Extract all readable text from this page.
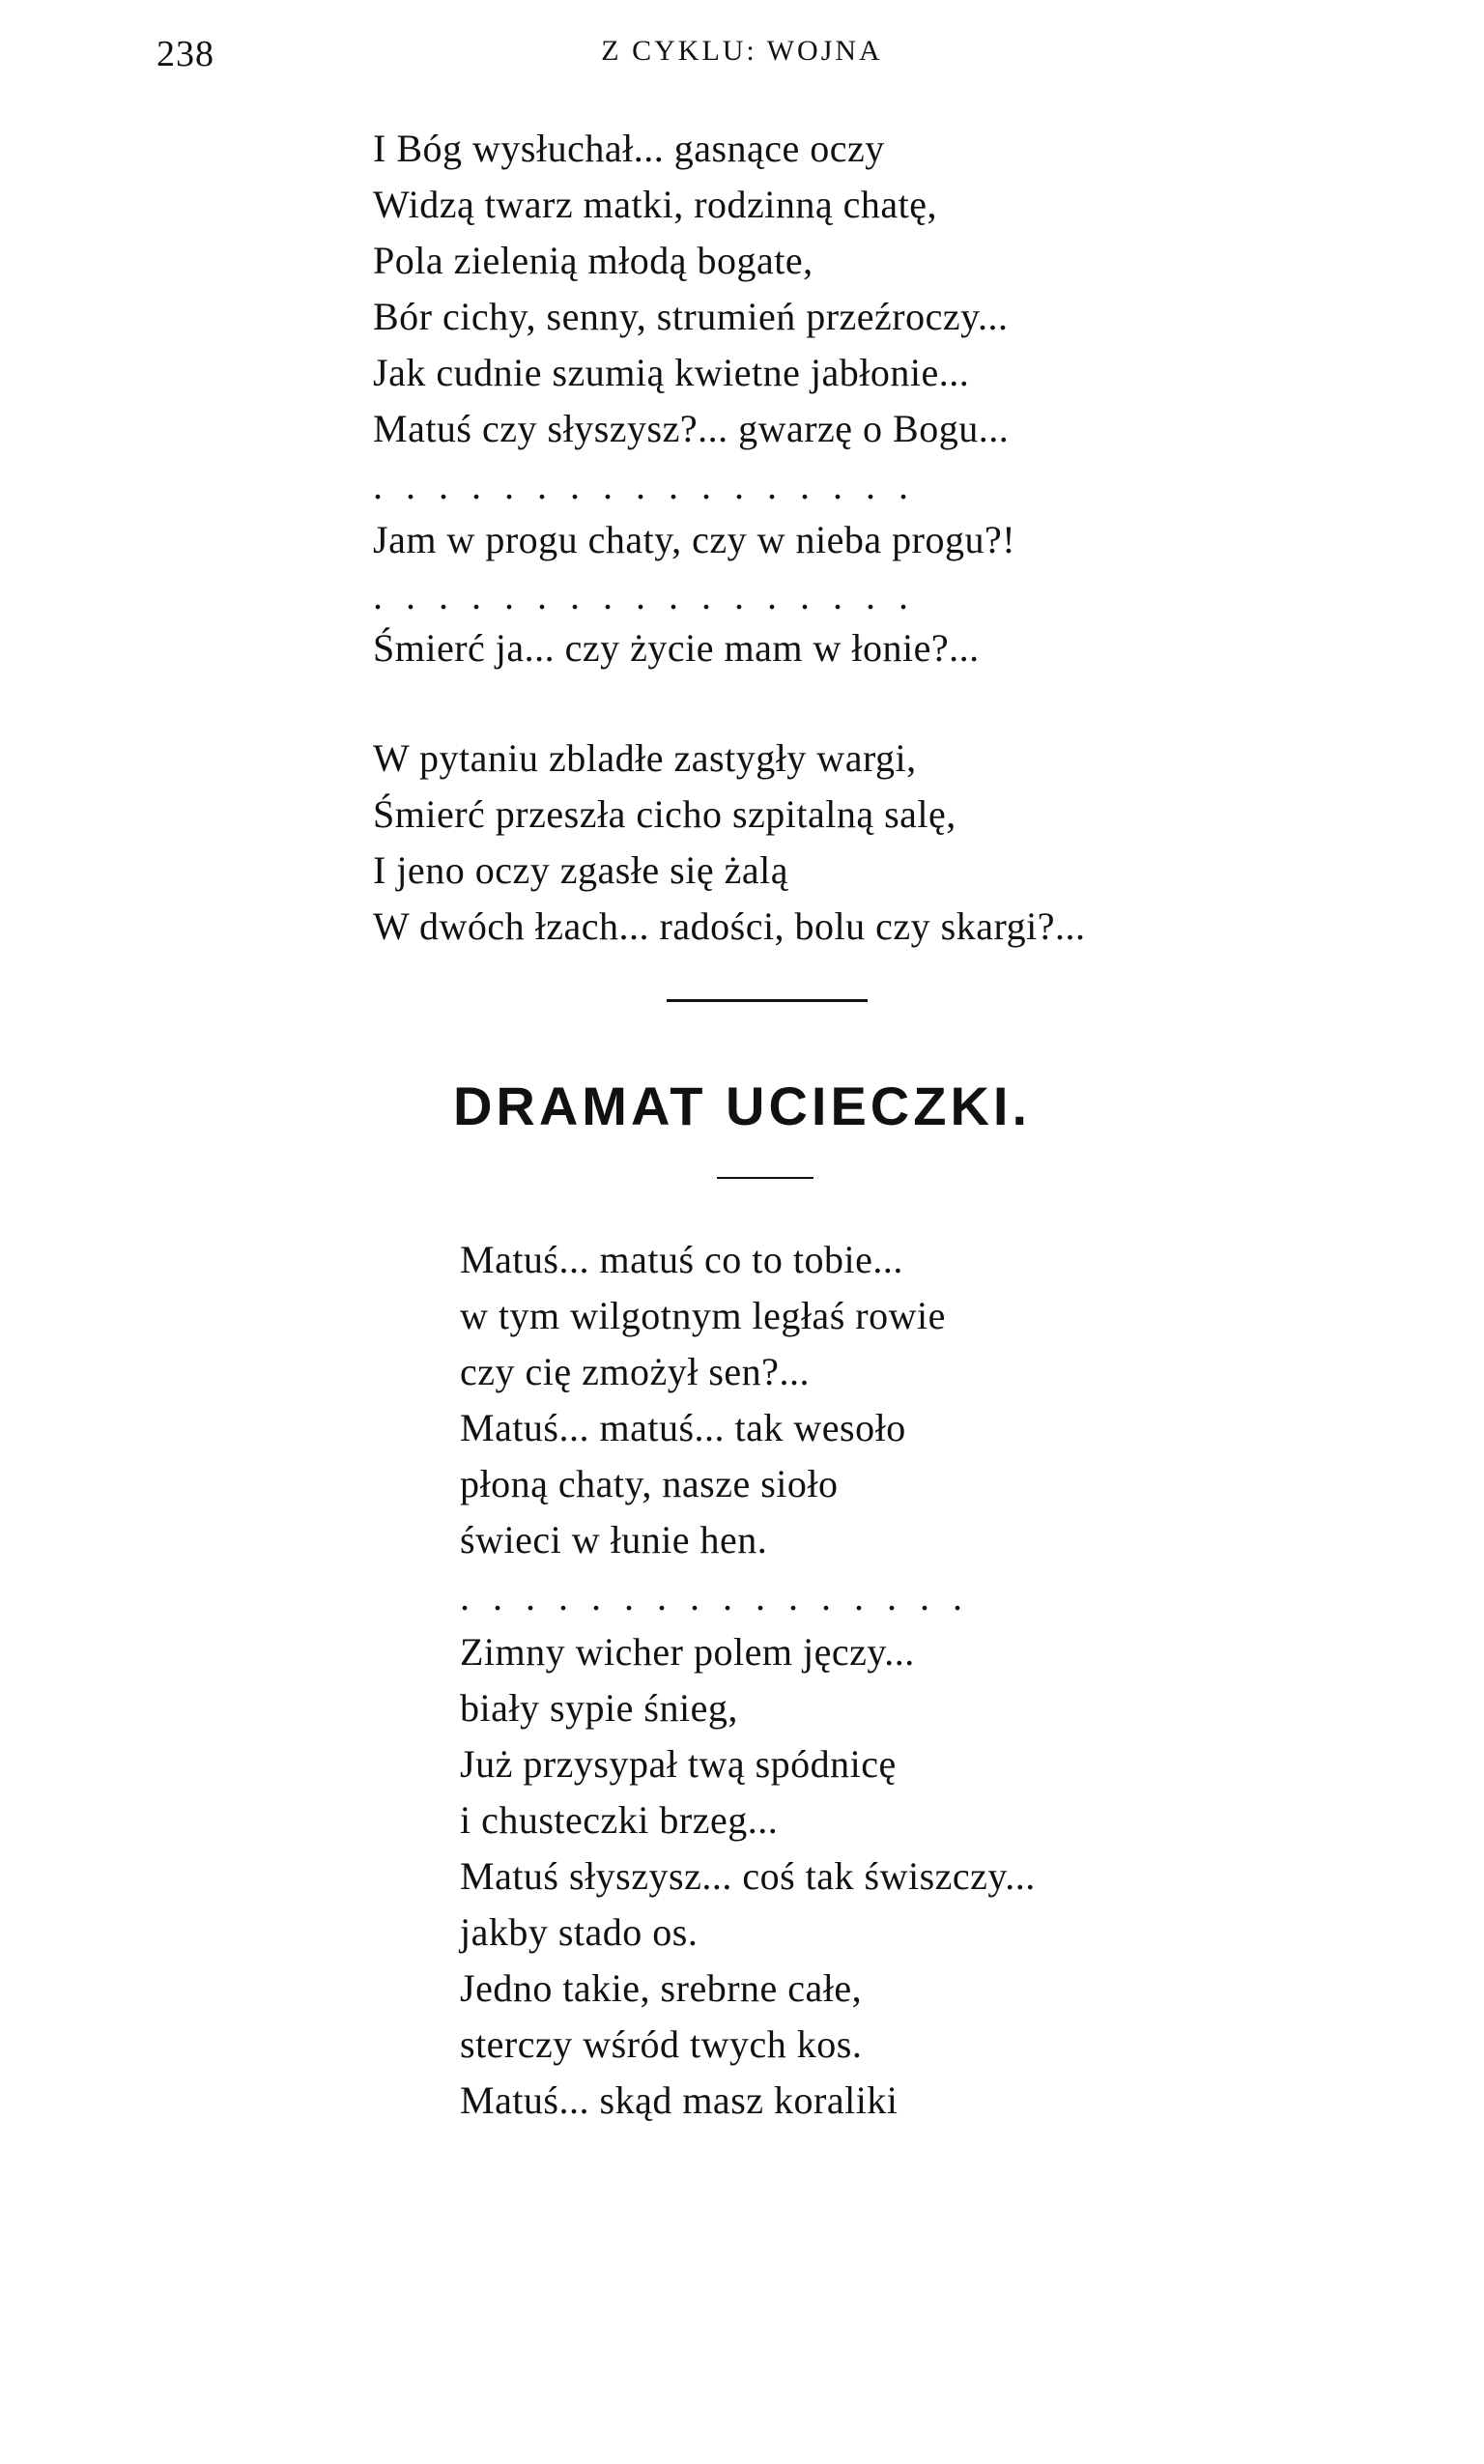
238	Z CYKLU: WOJNA
I Bóg wysłuchał... gasnące oczy
Widzą twarz matki, rodzinną chatę,
Pola zielenią młodą bogate,
Bór cichy, senny, strumień przeźroczy...
Jak cudnie szumią kwietne jabłonie...
Matuś czy słyszysz?... gwarzę o Bogu...
. . . . . . . . . . . . . . . . .
Jam w progu chaty, czy w nieba progu?!
. . . . . . . . . . . . . . . . .
Śmierć ja... czy życie mam w łonie?...
W pytaniu zbladłe zastygły wargi,
Śmierć przeszła cicho szpitalną salę,
I jeno oczy zgasłe się żalą
W dwóch łzach... radości, bolu czy skargi?...
DRAMAT UCIECZKI.
Matuś... matuś co to tobie...
w tym wilgotnym ległaś rowie
czy cię zmożył sen?...
Matuś... matuś... tak wesoło
płoną chaty, nasze sioło
świeci w łunie hen.
. . . . . . . . . . . . . . . .
Zimny wicher polem jęczy...
biały sypie śnieg,
Już przysypał twą spódnicę
i chusteczki brzeg...
Matuś słyszysz... coś tak świszczy...
jakby stado os.
Jedno takie, srebrne całe,
sterczy wśród twych kos.
Matuś... skąd masz koraliki
